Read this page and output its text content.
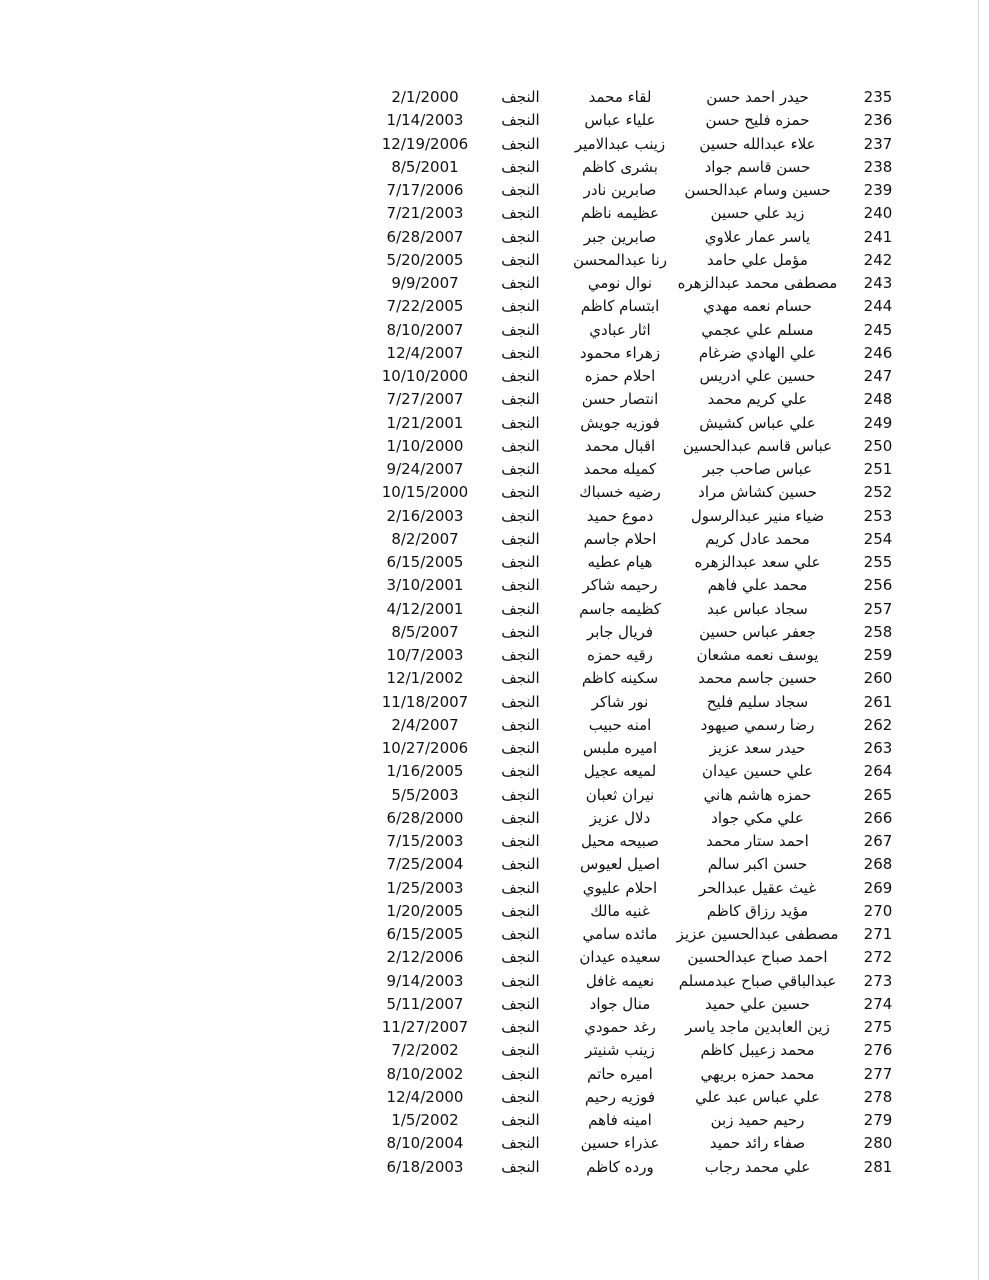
235
حيدر احمد حسن
لقاء محمد
النجف
2/1/2000
236
حمزه فليح حسن
علياء عباس
النجف
1/14/2003
237
علاء عبدالله حسين
زينب عبدالامير
النجف
12/19/2006
238
حسن قاسم جواد
بشرى كاظم
النجف
8/5/2001
239
حسين وسام عبدالحسن
صابرين نادر
النجف
7/17/2006
240
زيد علي حسين
عظيمه ناظم
النجف
7/21/2003
241
ياسر عمار علاوي
صابرين جبر
النجف
6/28/2007
242
مؤمل علي حامد
رنا عبدالمحسن
النجف
5/20/2005
243
مصطفى محمد عبدالزهره
نوال نومي
النجف
9/9/2007
244
حسام نعمه مهدي
ابتسام كاظم
النجف
7/22/2005
245
مسلم علي عجمي
اثار عبادي
النجف
8/10/2007
246
علي الهادي ضرغام
زهراء محمود
النجف
12/4/2007
247
حسين علي ادريس
احلام حمزه
النجف
10/10/2000
248
علي كريم محمد
انتصار حسن
النجف
7/27/2007
249
علي عباس كشيش
فوزيه جويش
النجف
1/21/2001
250
عباس قاسم عبدالحسين
اقبال محمد
النجف
1/10/2000
251
عباس صاحب جبر
كميله محمد
النجف
9/24/2007
252
حسين كشاش مراد
رضيه خسباك
النجف
10/15/2000
253
ضياء منير عبدالرسول
دموع حميد
النجف
2/16/2003
254
محمد عادل كريم
احلام جاسم
النجف
8/2/2007
255
علي سعد عبدالزهره
هيام عطيه
النجف
6/15/2005
256
محمد علي فاهم
رحيمه شاكر
النجف
3/10/2001
257
سجاد عباس عبد
كظيمه جاسم
النجف
4/12/2001
258
جعفر عباس حسين
فريال جابر
النجف
8/5/2007
259
يوسف نعمه مشعان
رقيه حمزه
النجف
10/7/2003
260
حسين جاسم محمد
سكينه كاظم
النجف
12/1/2002
261
سجاد سليم فليح
نور شاكر
النجف
11/18/2007
262
رضا رسمي صيهود
امنه حبيب
النجف
2/4/2007
263
حيدر سعد عزيز
اميره ملبس
النجف
10/27/2006
264
علي حسين عيدان
لميعه عجيل
النجف
1/16/2005
265
حمزه هاشم هاني
نيران ثعبان
النجف
5/5/2003
266
علي مكي جواد
دلال عزيز
النجف
6/28/2000
267
احمد ستار محمد
صبيحه محيل
النجف
7/15/2003
268
حسن اكبر سالم
اصيل لعيوس
النجف
7/25/2004
269
غيث عقيل عبدالحر
احلام عليوي
النجف
1/25/2003
270
مؤيد رزاق كاظم
غنيه مالك
النجف
1/20/2005
271
مصطفى عبدالحسين عزيز
مائده سامي
النجف
6/15/2005
272
احمد صباح عبدالحسين
سعيده عيدان
النجف
2/12/2006
273
عبدالباقي صباح عبدمسلم
نعيمه غافل
النجف
9/14/2003
274
حسين علي حميد
منال جواد
النجف
5/11/2007
275
زين العابدين ماجد ياسر
رغد حمودي
النجف
11/27/2007
276
محمد زعيبل كاظم
زينب شنيتر
النجف
7/2/2002
277
محمد حمزه بريهي
اميره حاتم
النجف
8/10/2002
278
علي عباس عبد علي
فوزيه رحيم
النجف
12/4/2000
279
رحيم حميد زبن
امينه فاهم
النجف
1/5/2002
280
صفاء رائد حميد
عذراء حسين
النجف
8/10/2004
281
علي محمد رجاب
ورده كاظم
النجف
6/18/2003
